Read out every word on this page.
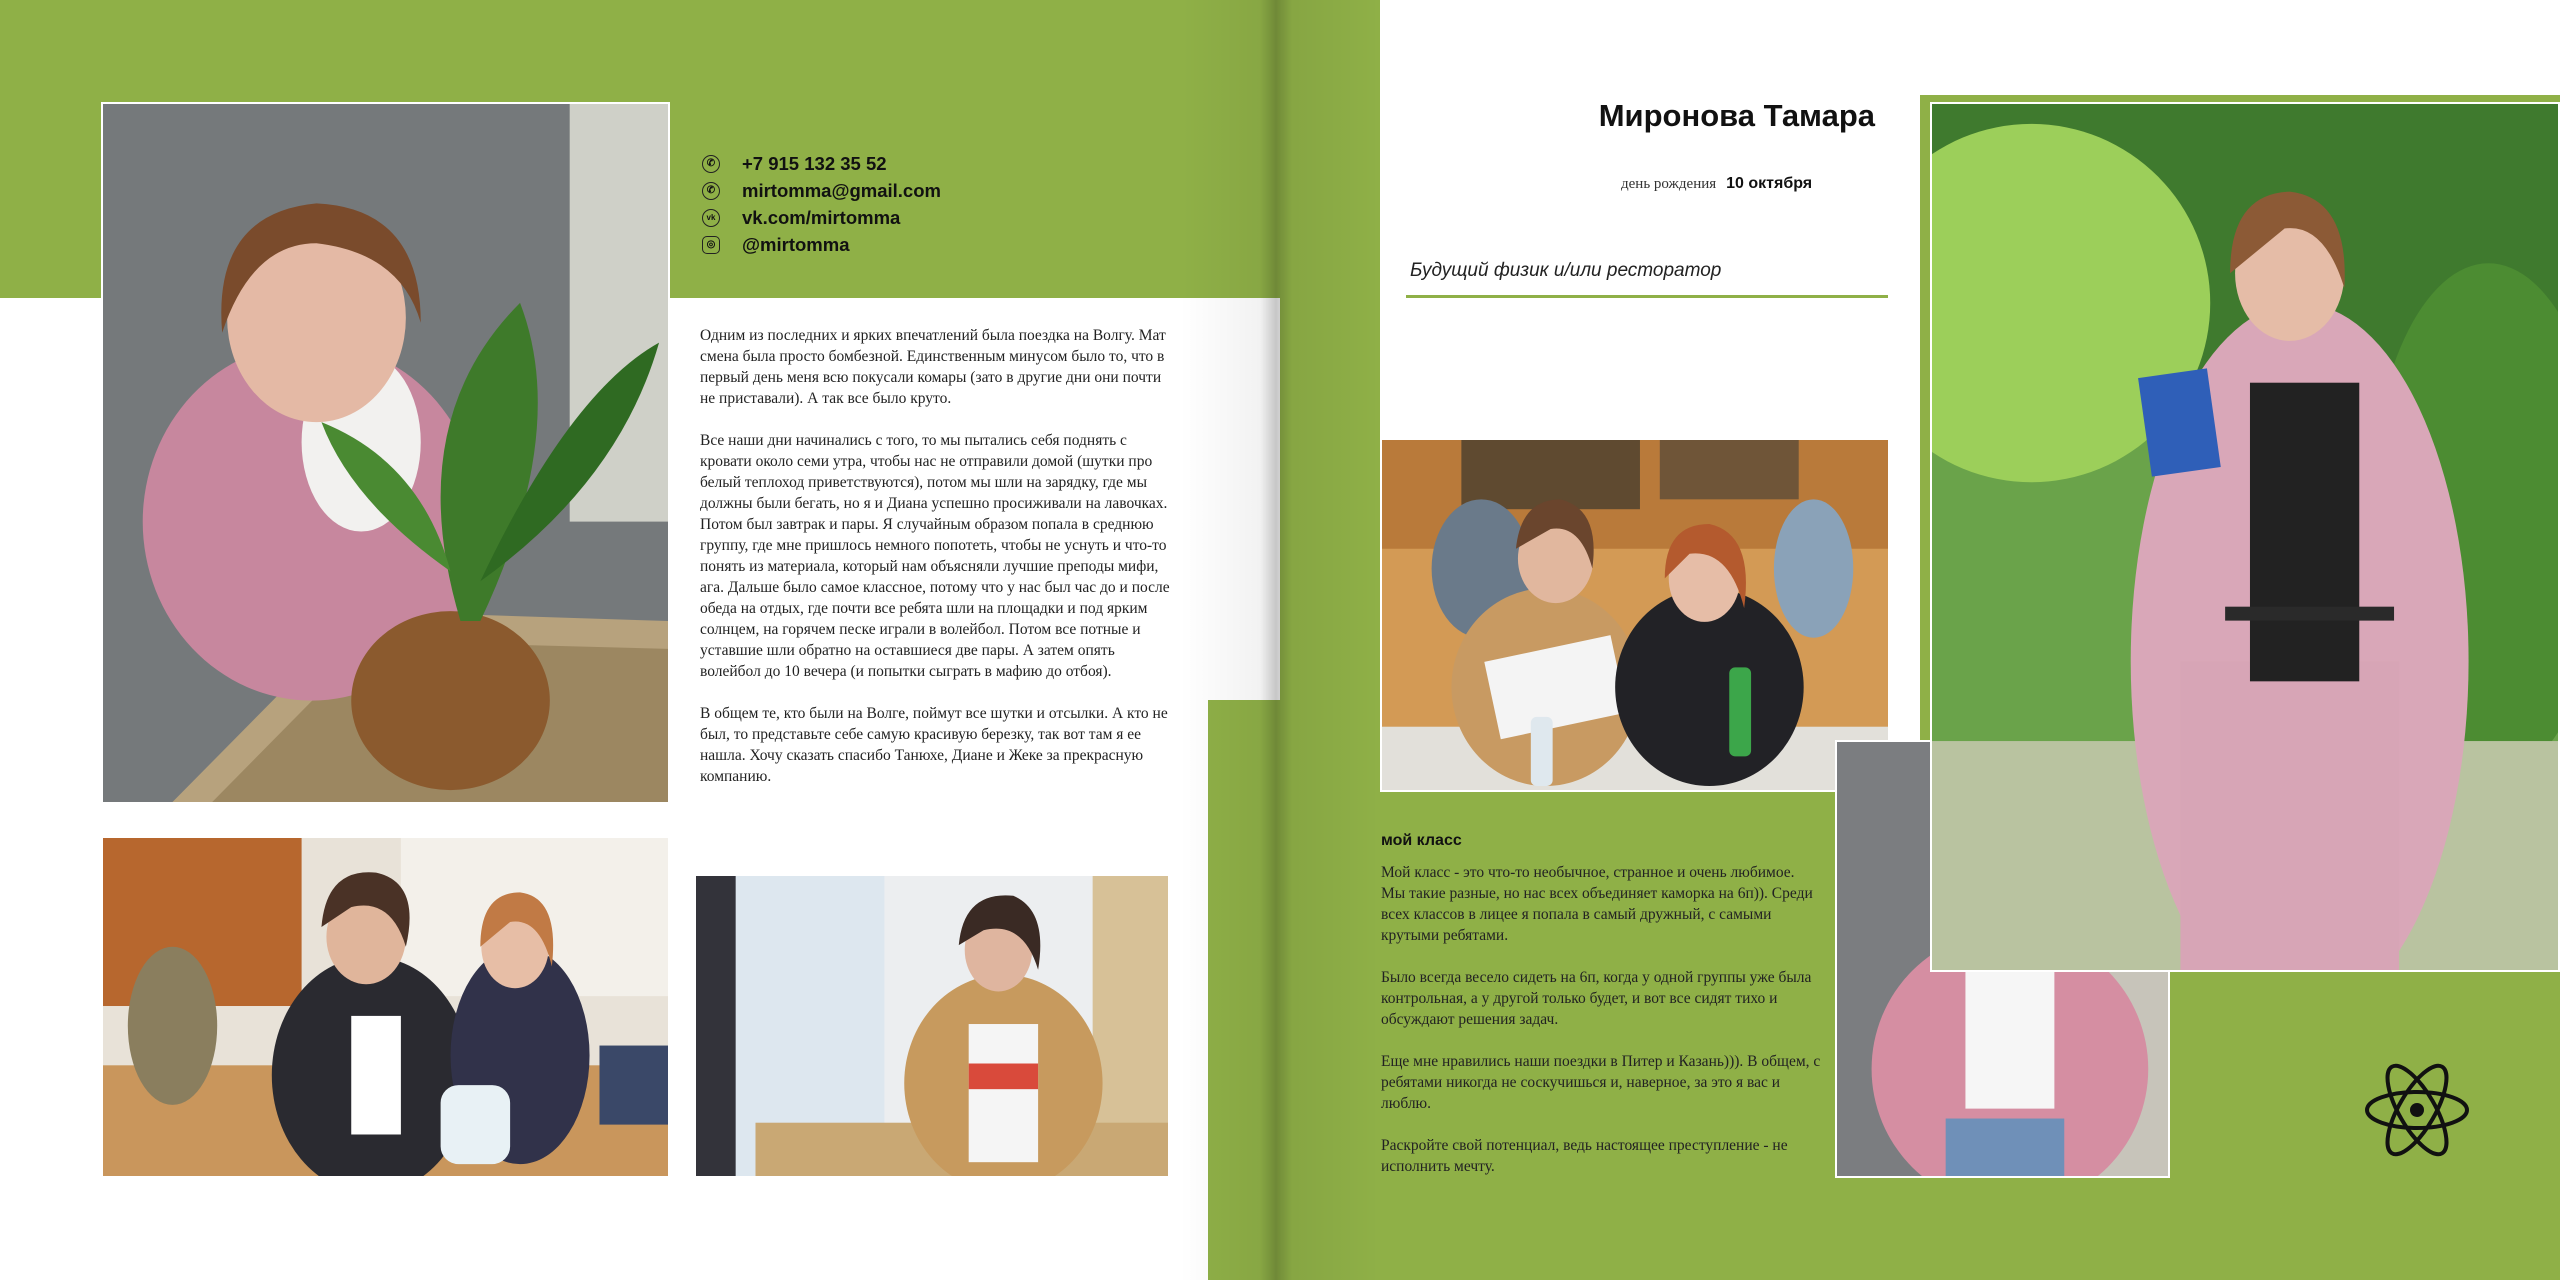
✆ +7 915 132 35 52
✆ mirtomma@gmail.com
vk vk.com/mirtomma
◎ @mirtomma

Одним из последних и ярких впечатлений была поездка на Волгу. Мат смена была просто бомбезной. Единственным минусом было то, что в первый день меня всю покусали комары (зато в другие дни они почти не приставали). А так все было круто.

Все наши дни начинались с того, то мы пытались себя поднять с кровати около семи утра, чтобы нас не отправили домой (шутки про белый теплоход приветствуются), потом мы шли на зарядку, где мы должны были бегать, но я и Диана успешно просиживали на лавочках. Потом был завтрак и пары. Я случайным образом попала в среднюю группу, где мне пришлось немного попотеть, чтобы не уснуть и что-то понять из материала, который нам объясняли лучшие преподы мифи, ага. Дальше было самое классное, потому что у нас был час до и после обеда на отдых, где почти все ребята шли на площадки и под ярким солнцем, на горячем песке играли в волейбол. Потом все потные и уставшие шли обратно на оставшиеся две пары. А затем опять волейбол до 10 вечера (и попытки сыграть в мафию до отбоя).

В общем те, кто были на Волге, поймут все шутки и отсылки. А кто не был, то представьте себе самую красивую березку, так вот там я ее нашла. Хочу сказать спасибо Танюхе, Диане и Жеке за прекрасную компанию.

Миронова Тамара
день рождения 10 октября
Будущий физик и/или ресторатор
мой класс

Мой класс - это что-то необычное, странное и очень любимое. Мы такие разные, но нас всех объединяет каморка на 6п)). Среди всех классов в лицее я попала в самый дружный, с самыми крутыми ребятами.

Было всегда весело сидеть на 6п, когда у одной группы уже была контрольная, а у другой только будет, и вот все сидят тихо и обсуждают решения задач.

Еще мне нравились наши поездки в Питер и Казань))). В общем, с ребятами никогда не соскучишься и, наверное, за это я вас и люблю.

Раскройте свой потенциал, ведь настоящее преступление - не исполнить мечту.
